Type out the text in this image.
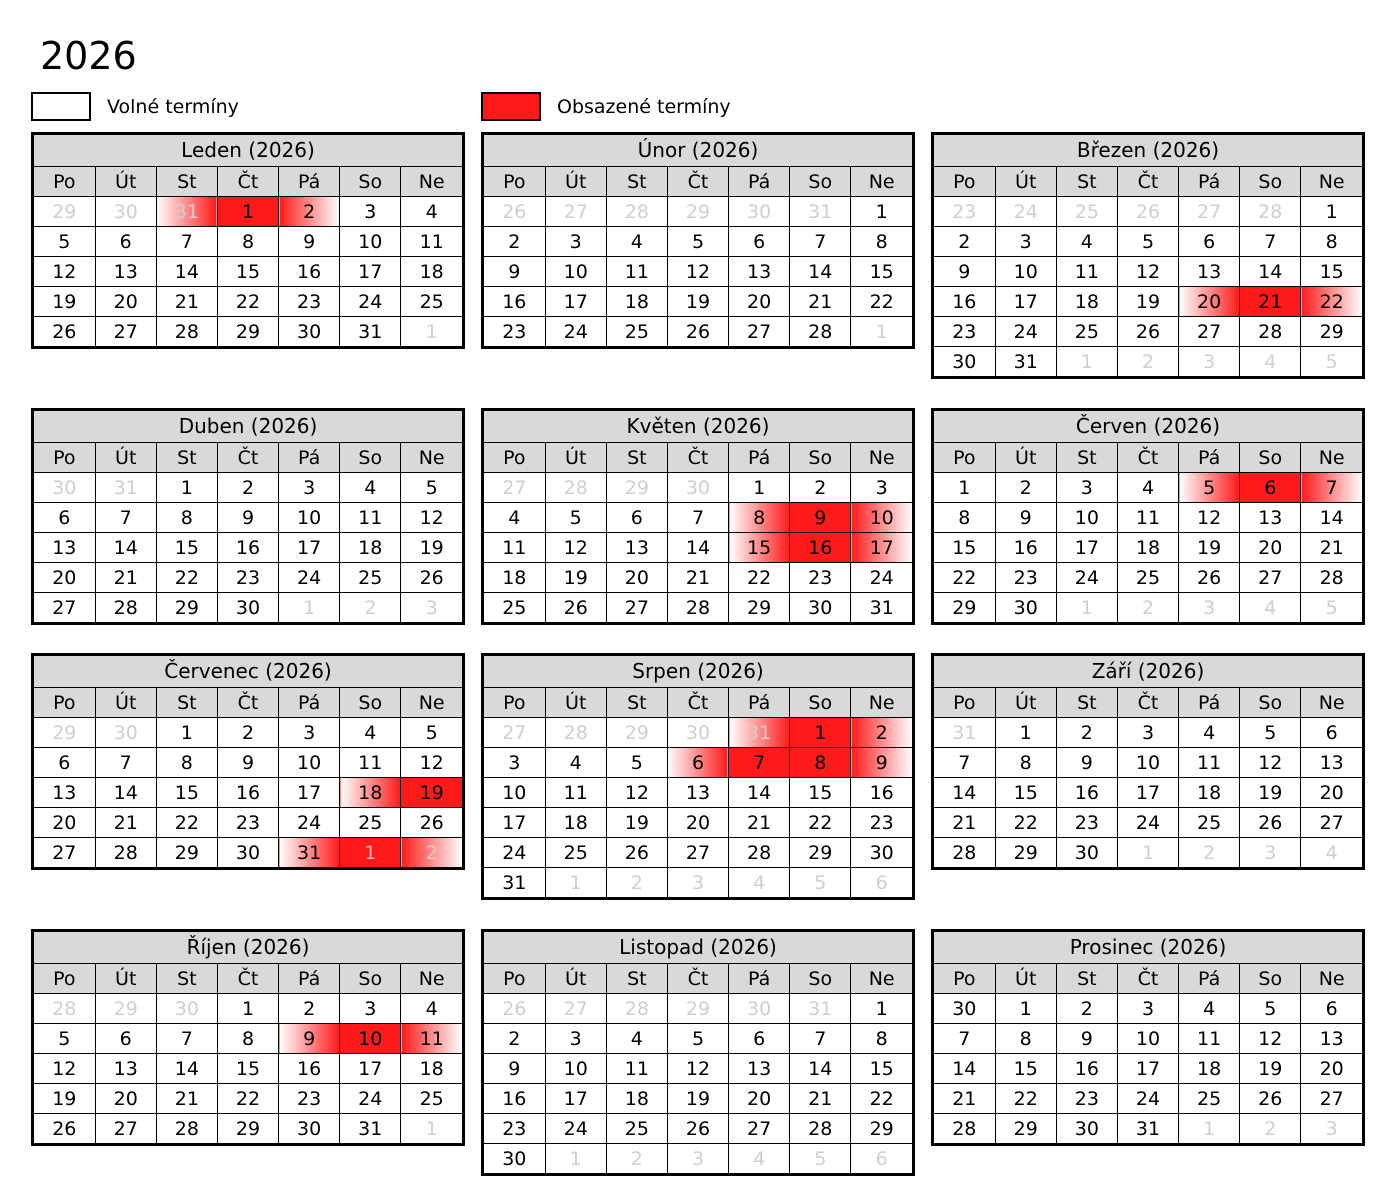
2026
Volné termíny	Obsazené termíny
Leden (2026)
Po	Út	St	Čt	Pá	So	Ne
29	30	31	1	2	3	4
5	6	7	8	9	10	11
12	13	14	15	16	17	18
19	20	21	22	23	24	25
26	27	28	29	30	31	1
Únor (2026)
Po	Út	St	Čt	Pá	So	Ne
26	27	28	29	30	31	1
2	3	4	5	6	7	8
9	10	11	12	13	14	15
16	17	18	19	20	21	22
23	24	25	26	27	28	1
Březen (2026)
Po	Út	St	Čt	Pá	So	Ne
23	24	25	26	27	28	1
2	3	4	5	6	7	8
9	10	11	12	13	14	15
16	17	18	19	20	21	22
23	24	25	26	27	28	29
30	31	1	2	3	4	5
Duben (2026)
Po	Út	St	Čt	Pá	So	Ne
30	31	1	2	3	4	5
6	7	8	9	10	11	12
13	14	15	16	17	18	19
20	21	22	23	24	25	26
27	28	29	30	1	2	3
Květen (2026)
Po	Út	St	Čt	Pá	So	Ne
27	28	29	30	1	2	3
4	5	6	7	8	9	10
11	12	13	14	15	16	17
18	19	20	21	22	23	24
25	26	27	28	29	30	31
Červen (2026)
Po	Út	St	Čt	Pá	So	Ne
1	2	3	4	5	6	7
8	9	10	11	12	13	14
15	16	17	18	19	20	21
22	23	24	25	26	27	28
29	30	1	2	3	4	5
Červenec (2026)
Po	Út	St	Čt	Pá	So	Ne
29	30	1	2	3	4	5
6	7	8	9	10	11	12
13	14	15	16	17	18	19
20	21	22	23	24	25	26
27	28	29	30	31	1	2
Srpen (2026)
Po	Út	St	Čt	Pá	So	Ne
27	28	29	30	31	1	2
3	4	5	6	7	8	9
10	11	12	13	14	15	16
17	18	19	20	21	22	23
24	25	26	27	28	29	30
31	1	2	3	4	5	6
Září (2026)
Po	Út	St	Čt	Pá	So	Ne
31	1	2	3	4	5	6
7	8	9	10	11	12	13
14	15	16	17	18	19	20
21	22	23	24	25	26	27
28	29	30	1	2	3	4
Říjen (2026)
Po	Út	St	Čt	Pá	So	Ne
28	29	30	1	2	3	4
5	6	7	8	9	10	11
12	13	14	15	16	17	18
19	20	21	22	23	24	25
26	27	28	29	30	31	1
Listopad (2026)
Po	Út	St	Čt	Pá	So	Ne
26	27	28	29	30	31	1
2	3	4	5	6	7	8
9	10	11	12	13	14	15
16	17	18	19	20	21	22
23	24	25	26	27	28	29
30	1	2	3	4	5	6
Prosinec (2026)
Po	Út	St	Čt	Pá	So	Ne
30	1	2	3	4	5	6
7	8	9	10	11	12	13
14	15	16	17	18	19	20
21	22	23	24	25	26	27
28	29	30	31	1	2	3
